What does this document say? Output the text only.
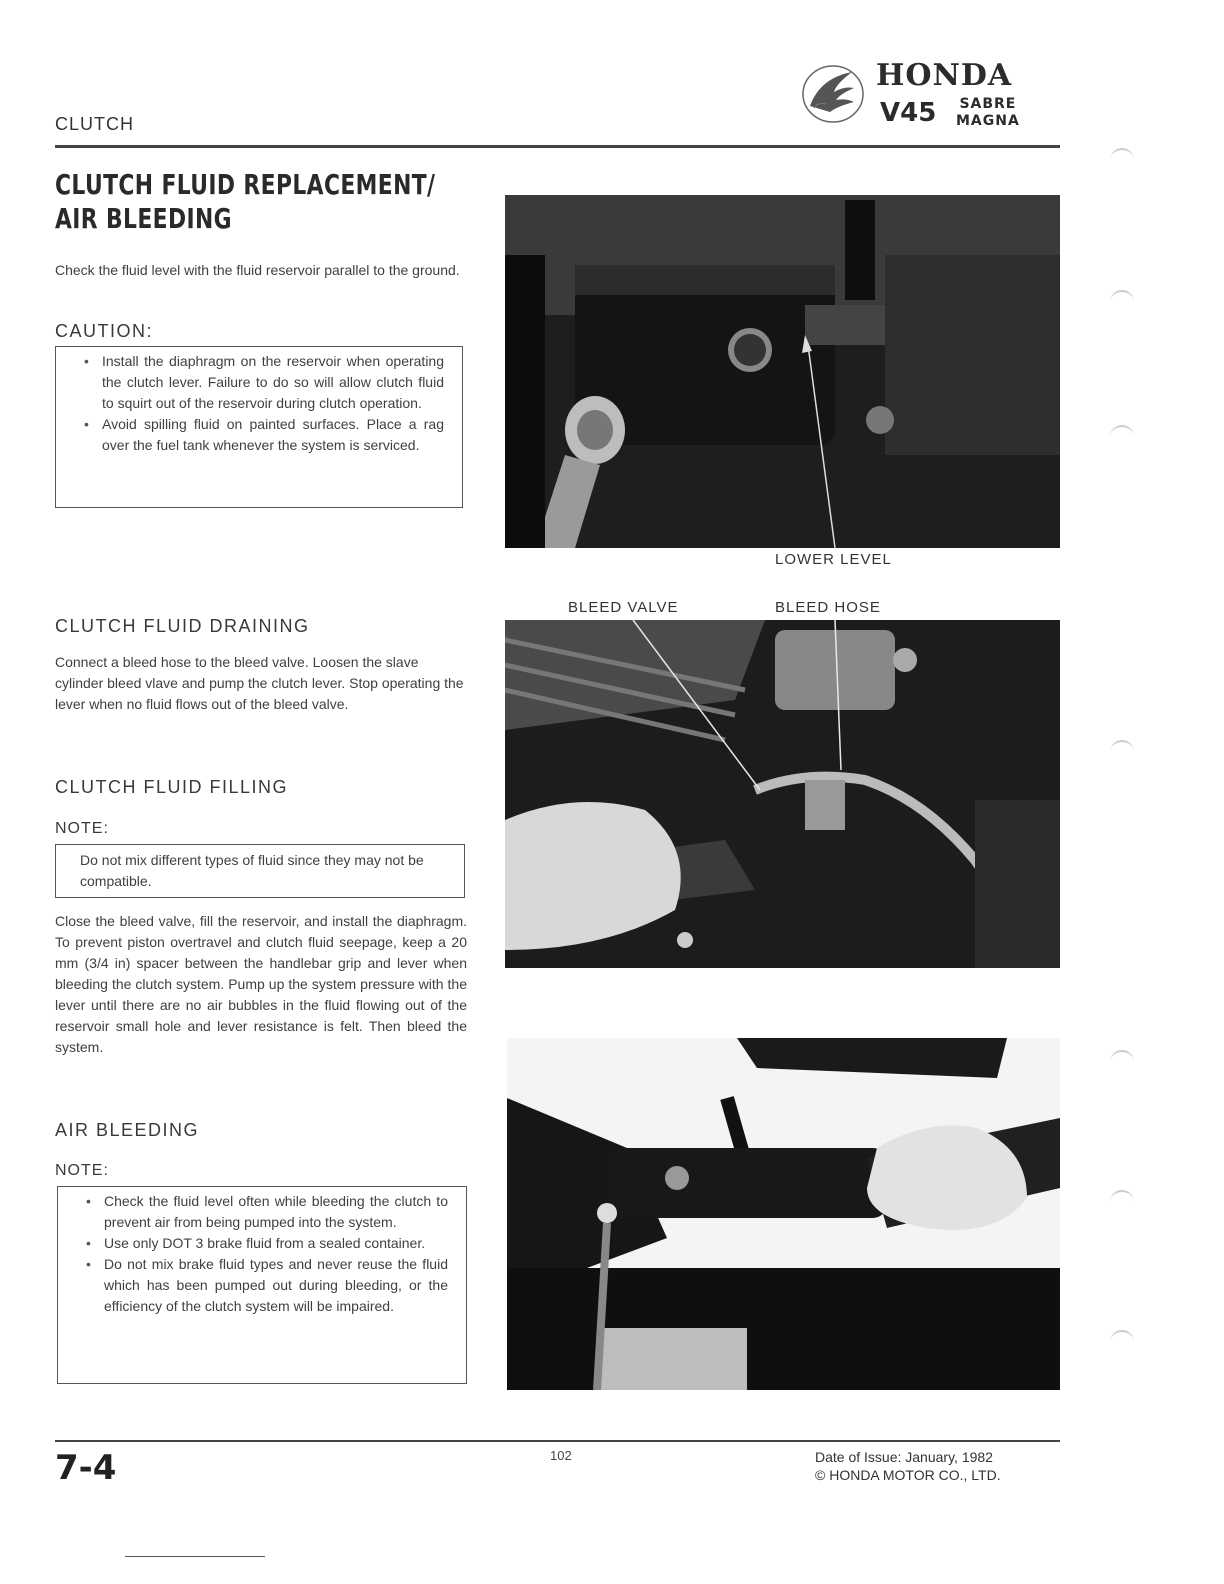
CLUTCH
HONDA
V45 SABRE
MAGNA
CLUTCH FLUID REPLACEMENT/
AIR BLEEDING
Check the fluid level with the fluid reservoir parallel to the ground.
CAUTION:
• Install the diaphragm on the reservoir when operating the clutch lever. Failure to do so will allow clutch fluid to squirt out of the reservoir during clutch operation.
• Avoid spilling fluid on painted surfaces. Place a rag over the fuel tank whenever the system is serviced.
CLUTCH FLUID DRAINING
Connect a bleed hose to the bleed valve. Loosen the slave cylinder bleed vlave and pump the clutch lever. Stop operating the lever when no fluid flows out of the bleed valve.
CLUTCH FLUID FILLING
NOTE:
Do not mix different types of fluid since they may not be compatible.
Close the bleed valve, fill the reservoir, and install the diaphragm. To prevent piston overtravel and clutch fluid seepage, keep a 20 mm (3/4 in) spacer between the handlebar grip and lever when bleeding the clutch system. Pump up the system pressure with the lever until there are no air bubbles in the fluid flowing out of the reservoir small hole and lever resistance is felt. Then bleed the system.
AIR BLEEDING
NOTE:
• Check the fluid level often while bleeding the clutch to prevent air from being pumped into the system.
• Use only DOT 3 brake fluid from a sealed container.
• Do not mix brake fluid types and never reuse the fluid which has been pumped out during bleeding, or the efficiency of the clutch system will be impaired.
LOWER LEVEL
BLEED VALVE	BLEED HOSE
7-4	102	Date of Issue: January, 1982
© HONDA MOTOR CO., LTD.
